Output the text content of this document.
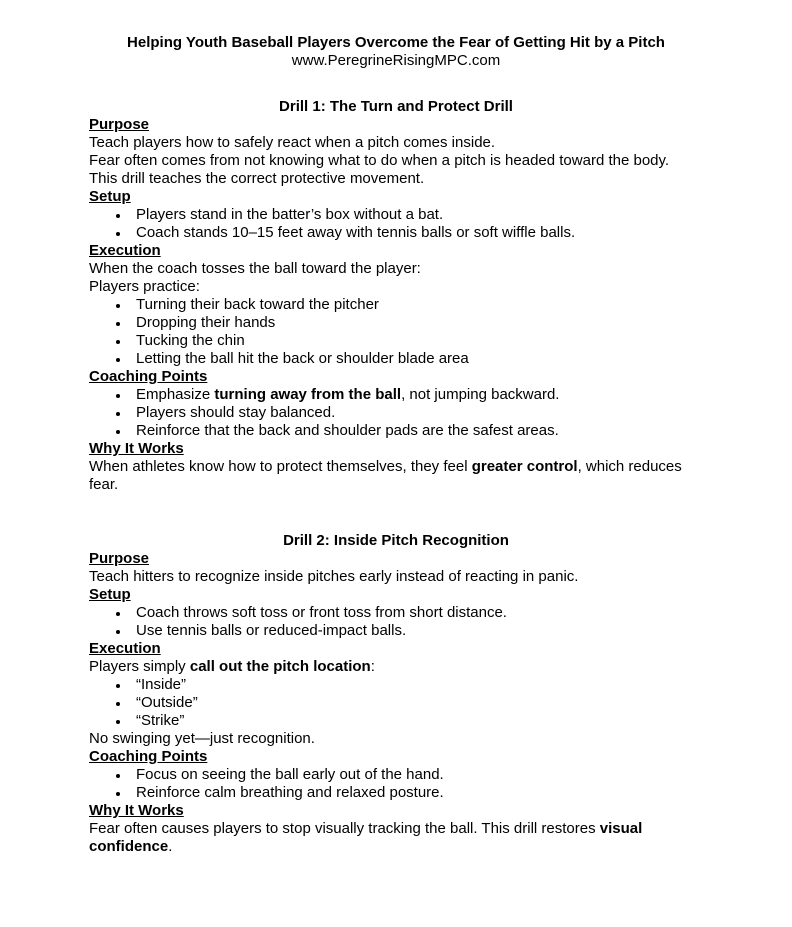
Helping Youth Baseball Players Overcome the Fear of Getting Hit by a Pitch
www.PeregrineRisingMPC.com
Drill 1: The Turn and Protect Drill
Purpose
Teach players how to safely react when a pitch comes inside.
Fear often comes from not knowing what to do when a pitch is headed toward the body.
This drill teaches the correct protective movement.
Setup
Players stand in the batter’s box without a bat.
Coach stands 10–15 feet away with tennis balls or soft wiffle balls.
Execution
When the coach tosses the ball toward the player:
Players practice:
Turning their back toward the pitcher
Dropping their hands
Tucking the chin
Letting the ball hit the back or shoulder blade area
Coaching Points
Emphasize turning away from the ball, not jumping backward.
Players should stay balanced.
Reinforce that the back and shoulder pads are the safest areas.
Why It Works
When athletes know how to protect themselves, they feel greater control, which reduces fear.
Drill 2: Inside Pitch Recognition
Purpose
Teach hitters to recognize inside pitches early instead of reacting in panic.
Setup
Coach throws soft toss or front toss from short distance.
Use tennis balls or reduced-impact balls.
Execution
Players simply call out the pitch location:
“Inside”
“Outside”
“Strike”
No swinging yet—just recognition.
Coaching Points
Focus on seeing the ball early out of the hand.
Reinforce calm breathing and relaxed posture.
Why It Works
Fear often causes players to stop visually tracking the ball. This drill restores visual confidence.
